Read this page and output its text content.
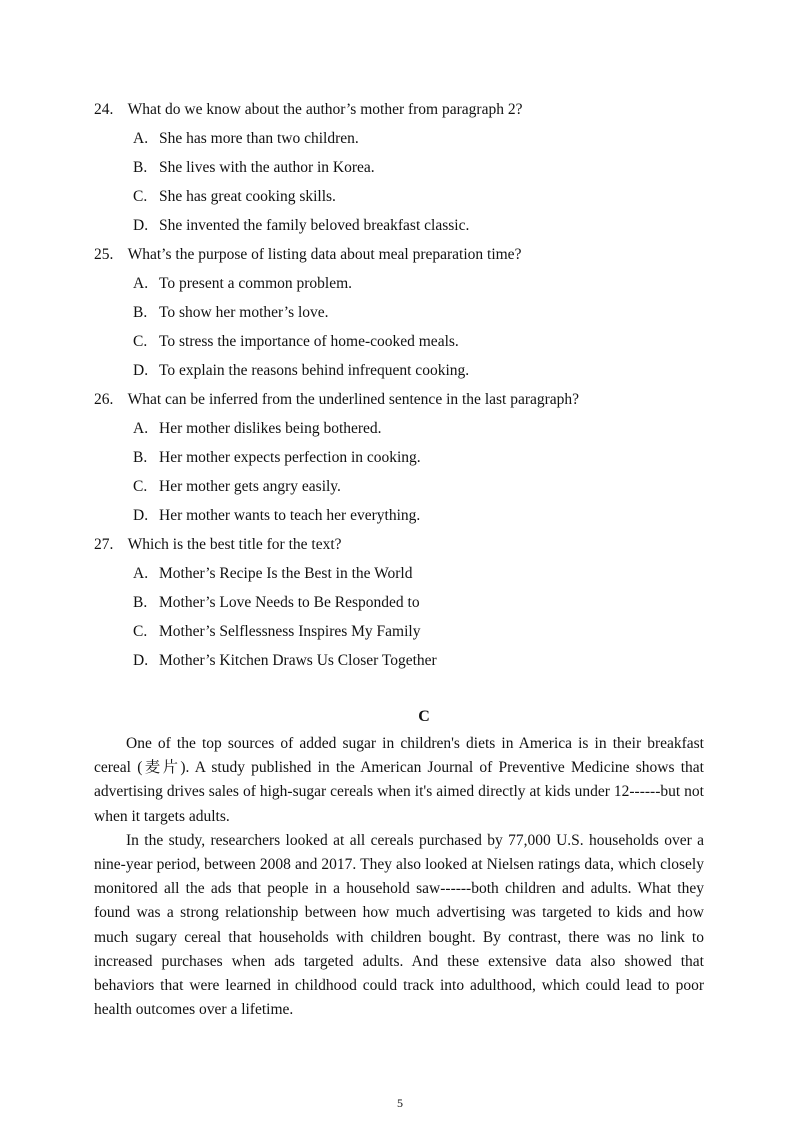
24. What do we know about the author’s mother from paragraph 2?
A. She has more than two children.
B. She lives with the author in Korea.
C. She has great cooking skills.
D. She invented the family beloved breakfast classic.
25. What’s the purpose of listing data about meal preparation time?
A. To present a common problem.
B. To show her mother’s love.
C. To stress the importance of home-cooked meals.
D. To explain the reasons behind infrequent cooking.
26. What can be inferred from the underlined sentence in the last paragraph?
A. Her mother dislikes being bothered.
B. Her mother expects perfection in cooking.
C. Her mother gets angry easily.
D. Her mother wants to teach her everything.
27. Which is the best title for the text?
A. Mother’s Recipe Is the Best in the World
B. Mother’s Love Needs to Be Responded to
C. Mother’s Selflessness Inspires My Family
D. Mother’s Kitchen Draws Us Closer Together
C

One of the top sources of added sugar in children's diets in America is in their breakfast cereal (麦片). A study published in the American Journal of Preventive Medicine shows that advertising drives sales of high-sugar cereals when it's aimed directly at kids under 12------but not when it targets adults.

In the study, researchers looked at all cereals purchased by 77,000 U.S. households over a nine-year period, between 2008 and 2017. They also looked at Nielsen ratings data, which closely monitored all the ads that people in a household saw------both children and adults. What they found was a strong relationship between how much advertising was targeted to kids and how much sugary cereal that households with children bought. By contrast, there was no link to increased purchases when ads targeted adults. And these extensive data also showed that behaviors that were learned in childhood could track into adulthood, which could lead to poor health outcomes over a lifetime.

5
